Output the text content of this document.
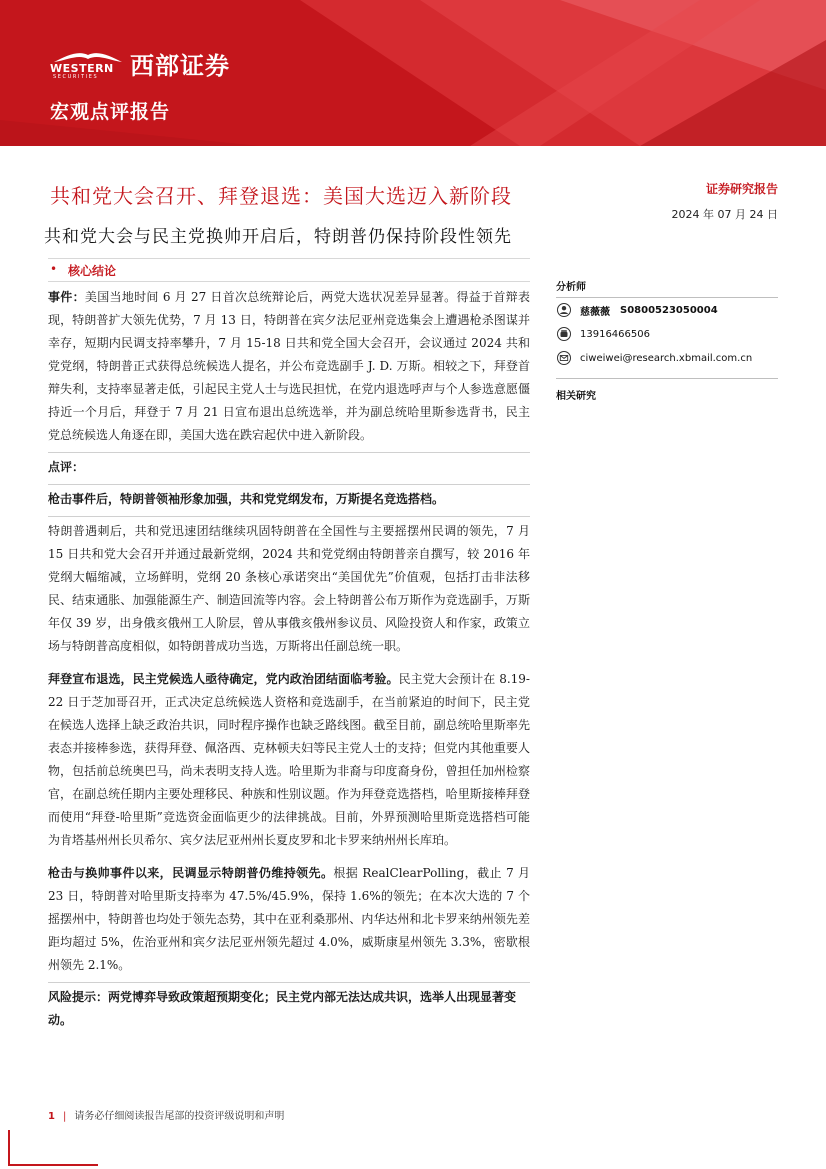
WESTERN
SECURITIES 西部证券
宏观点评报告
共和党大会召开、拜登退选：美国大选迈入新阶段	证券研究报告
2024 年 07 月 24 日
共和党大会与民主党换帅开启后，特朗普仍保持阶段性领先
• 核心结论

事件：美国当地时间 6 月 27 日首次总统辩论后，两党大选状况差异显著。得益于首辩表现，特朗普扩大领先优势，7 月 13 日，特朗普在宾夕法尼亚州竞选集会上遭遇枪杀图谋并幸存，短期内民调支持率攀升，7 月 15-18 日共和党全国大会召开，会议通过 2024 共和党党纲，特朗普正式获得总统候选人提名，并公布竞选副手 J. D. 万斯。相较之下，拜登首辩失利，支持率显著走低，引起民主党人士与选民担忧，在党内退选呼声与个人参选意愿僵持近一个月后，拜登于 7 月 21 日宣布退出总统选举，并为副总统哈里斯参选背书，民主党总统候选人角逐在即，美国大选在跌宕起伏中进入新阶段。

点评：

枪击事件后，特朗普领袖形象加强，共和党党纲发布，万斯提名竞选搭档。

特朗普遇刺后，共和党迅速团结继续巩固特朗普在全国性与主要摇摆州民调的领先，7 月 15 日共和党大会召开并通过最新党纲，2024 共和党党纲由特朗普亲自撰写，较 2016 年党纲大幅缩减，立场鲜明，党纲 20 条核心承诺突出“美国优先”价值观，包括打击非法移民、结束通胀、加强能源生产、制造回流等内容。会上特朗普公布万斯作为竞选副手，万斯年仅 39 岁，出身俄亥俄州工人阶层，曾从事俄亥俄州参议员、风险投资人和作家，政策立场与特朗普高度相似，如特朗普成功当选，万斯将出任副总统一职。

拜登宣布退选，民主党候选人亟待确定，党内政治团结面临考验。民主党大会预计在 8.19-22 日于芝加哥召开，正式决定总统候选人资格和竞选副手，在当前紧迫的时间下，民主党在候选人选择上缺乏政治共识，同时程序操作也缺乏路线图。截至目前，副总统哈里斯率先表态并接棒参选，获得拜登、佩洛西、克林顿夫妇等民主党人士的支持；但党内其他重要人物，包括前总统奥巴马，尚未表明支持人选。哈里斯为非裔与印度裔身份，曾担任加州检察官，在副总统任期内主要处理移民、种族和性别议题。作为拜登竞选搭档，哈里斯接棒拜登而使用“拜登-哈里斯”竞选资金面临更少的法律挑战。目前，外界预测哈里斯竞选搭档可能为肯塔基州州长贝希尔、宾夕法尼亚州州长夏皮罗和北卡罗来纳州州长库珀。

枪击与换帅事件以来，民调显示特朗普仍维持领先。根据 RealClearPolling，截止 7 月 23 日，特朗普对哈里斯支持率为 47.5%/45.9%，保持 1.6%的领先；在本次大选的 7 个摇摆州中，特朗普也均处于领先态势，其中在亚利桑那州、内华达州和北卡罗来纳州领先差距均超过 5%，佐治亚州和宾夕法尼亚州领先超过 4.0%，威斯康星州领先 3.3%，密歇根州领先 2.1%。

风险提示：两党博弈导致政策超预期变化；民主党内部无法达成共识，选举人出现显著变动。

分析师
慈薇薇 S0800523050004
13916466506
ciweiwei@research.xbmail.com.cn
相关研究
1 | 请务必仔细阅读报告尾部的投资评级说明和声明
